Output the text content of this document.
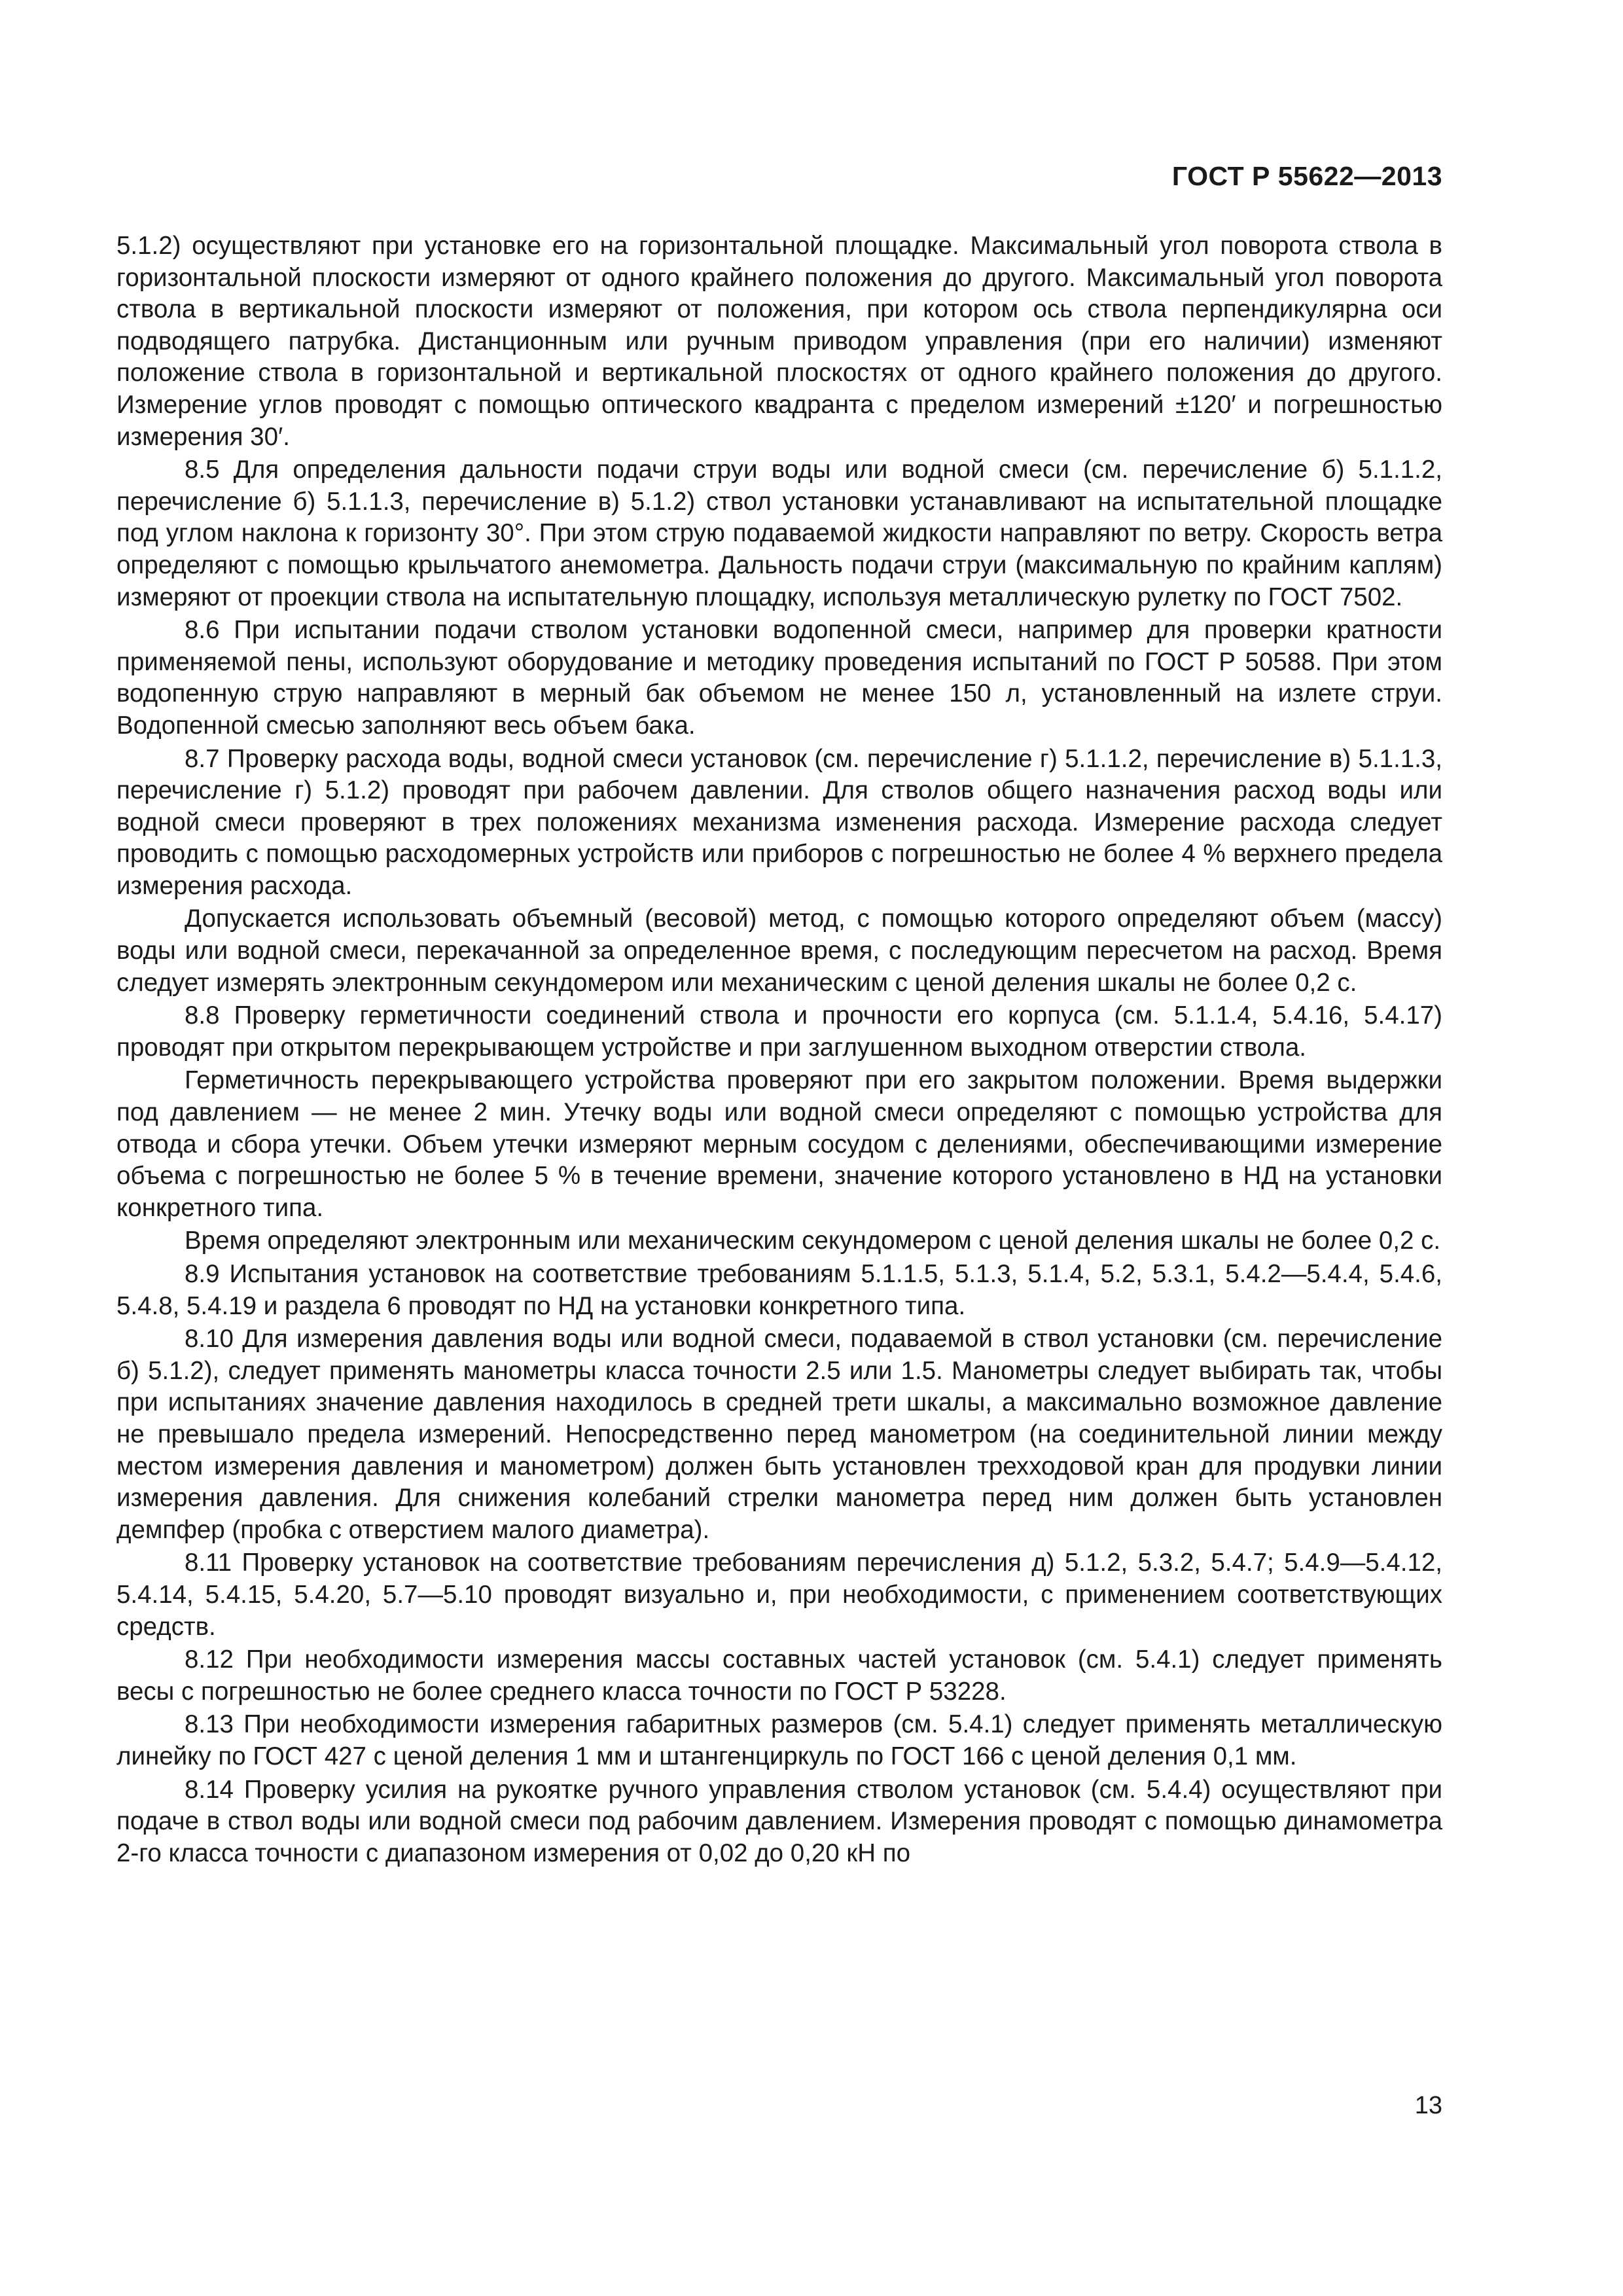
ГОСТ Р 55622—2013

5.1.2) осуществляют при установке его на горизонтальной площадке. Максимальный угол поворота ствола в горизонтальной плоскости измеряют от одного крайнего положения до другого. Максимальный угол поворота ствола в вертикальной плоскости измеряют от положения, при котором ось ствола перпендикулярна оси подводящего патрубка. Дистанционным или ручным приводом управления (при его наличии) изменяют положение ствола в горизонтальной и вертикальной плоскостях от одного крайнего положения до другого. Измерение углов проводят с помощью оптического квадранта с пределом измерений ±120′ и погрешностью измерения 30′.

8.5 Для определения дальности подачи струи воды или водной смеси (см. перечисление б) 5.1.1.2, перечисление б) 5.1.1.3, перечисление в) 5.1.2) ствол установки устанавливают на испытательной площадке под углом наклона к горизонту 30°. При этом струю подаваемой жидкости направляют по ветру. Скорость ветра определяют с помощью крыльчатого анемометра. Дальность подачи струи (максимальную по крайним каплям) измеряют от проекции ствола на испытательную площадку, используя металлическую рулетку по ГОСТ 7502.

8.6 При испытании подачи стволом установки водопенной смеси, например для проверки кратности применяемой пены, используют оборудование и методику проведения испытаний по ГОСТ Р 50588. При этом водопенную струю направляют в мерный бак объемом не менее 150 л, установленный на излете струи. Водопенной смесью заполняют весь объем бака.

8.7 Проверку расхода воды, водной смеси установок (см. перечисление г) 5.1.1.2, перечисление в) 5.1.1.3, перечисление г) 5.1.2) проводят при рабочем давлении. Для стволов общего назначения расход воды или водной смеси проверяют в трех положениях механизма изменения расхода. Измерение расхода следует проводить с помощью расходомерных устройств или приборов с погрешностью не более 4 % верхнего предела измерения расхода.

Допускается использовать объемный (весовой) метод, с помощью которого определяют объем (массу) воды или водной смеси, перекачанной за определенное время, с последующим пересчетом на расход. Время следует измерять электронным секундомером или механическим с ценой деления шкалы не более 0,2 с.

8.8 Проверку герметичности соединений ствола и прочности его корпуса (см. 5.1.1.4, 5.4.16, 5.4.17) проводят при открытом перекрывающем устройстве и при заглушенном выходном отверстии ствола.

Герметичность перекрывающего устройства проверяют при его закрытом положении. Время выдержки под давлением — не менее 2 мин. Утечку воды или водной смеси определяют с помощью устройства для отвода и сбора утечки. Объем утечки измеряют мерным сосудом с делениями, обеспечивающими измерение объема с погрешностью не более 5 % в течение времени, значение которого установлено в НД на установки конкретного типа.

Время определяют электронным или механическим секундомером с ценой деления шкалы не более 0,2 с.

8.9 Испытания установок на соответствие требованиям 5.1.1.5, 5.1.3, 5.1.4, 5.2, 5.3.1, 5.4.2—5.4.4, 5.4.6, 5.4.8, 5.4.19 и раздела 6 проводят по НД на установки конкретного типа.

8.10 Для измерения давления воды или водной смеси, подаваемой в ствол установки (см. перечисление б) 5.1.2), следует применять манометры класса точности 2.5 или 1.5. Манометры следует выбирать так, чтобы при испытаниях значение давления находилось в средней трети шкалы, а максимально возможное давление не превышало предела измерений. Непосредственно перед манометром (на соединительной линии между местом измерения давления и манометром) должен быть установлен трехходовой кран для продувки линии измерения давления. Для снижения колебаний стрелки манометра перед ним должен быть установлен демпфер (пробка с отверстием малого диаметра).

8.11 Проверку установок на соответствие требованиям перечисления д) 5.1.2, 5.3.2, 5.4.7; 5.4.9—5.4.12, 5.4.14, 5.4.15, 5.4.20, 5.7—5.10 проводят визуально и, при необходимости, с применением соответствующих средств.

8.12 При необходимости измерения массы составных частей установок (см. 5.4.1) следует применять весы с погрешностью не более среднего класса точности по ГОСТ Р 53228.

8.13 При необходимости измерения габаритных размеров (см. 5.4.1) следует применять металлическую линейку по ГОСТ 427 с ценой деления 1 мм и штангенциркуль по ГОСТ 166 с ценой деления 0,1 мм.

8.14 Проверку усилия на рукоятке ручного управления стволом установок (см. 5.4.4) осуществляют при подаче в ствол воды или водной смеси под рабочим давлением. Измерения проводят с помощью динамометра 2-го класса точности с диапазоном измерения от 0,02 до 0,20 кН по

13
